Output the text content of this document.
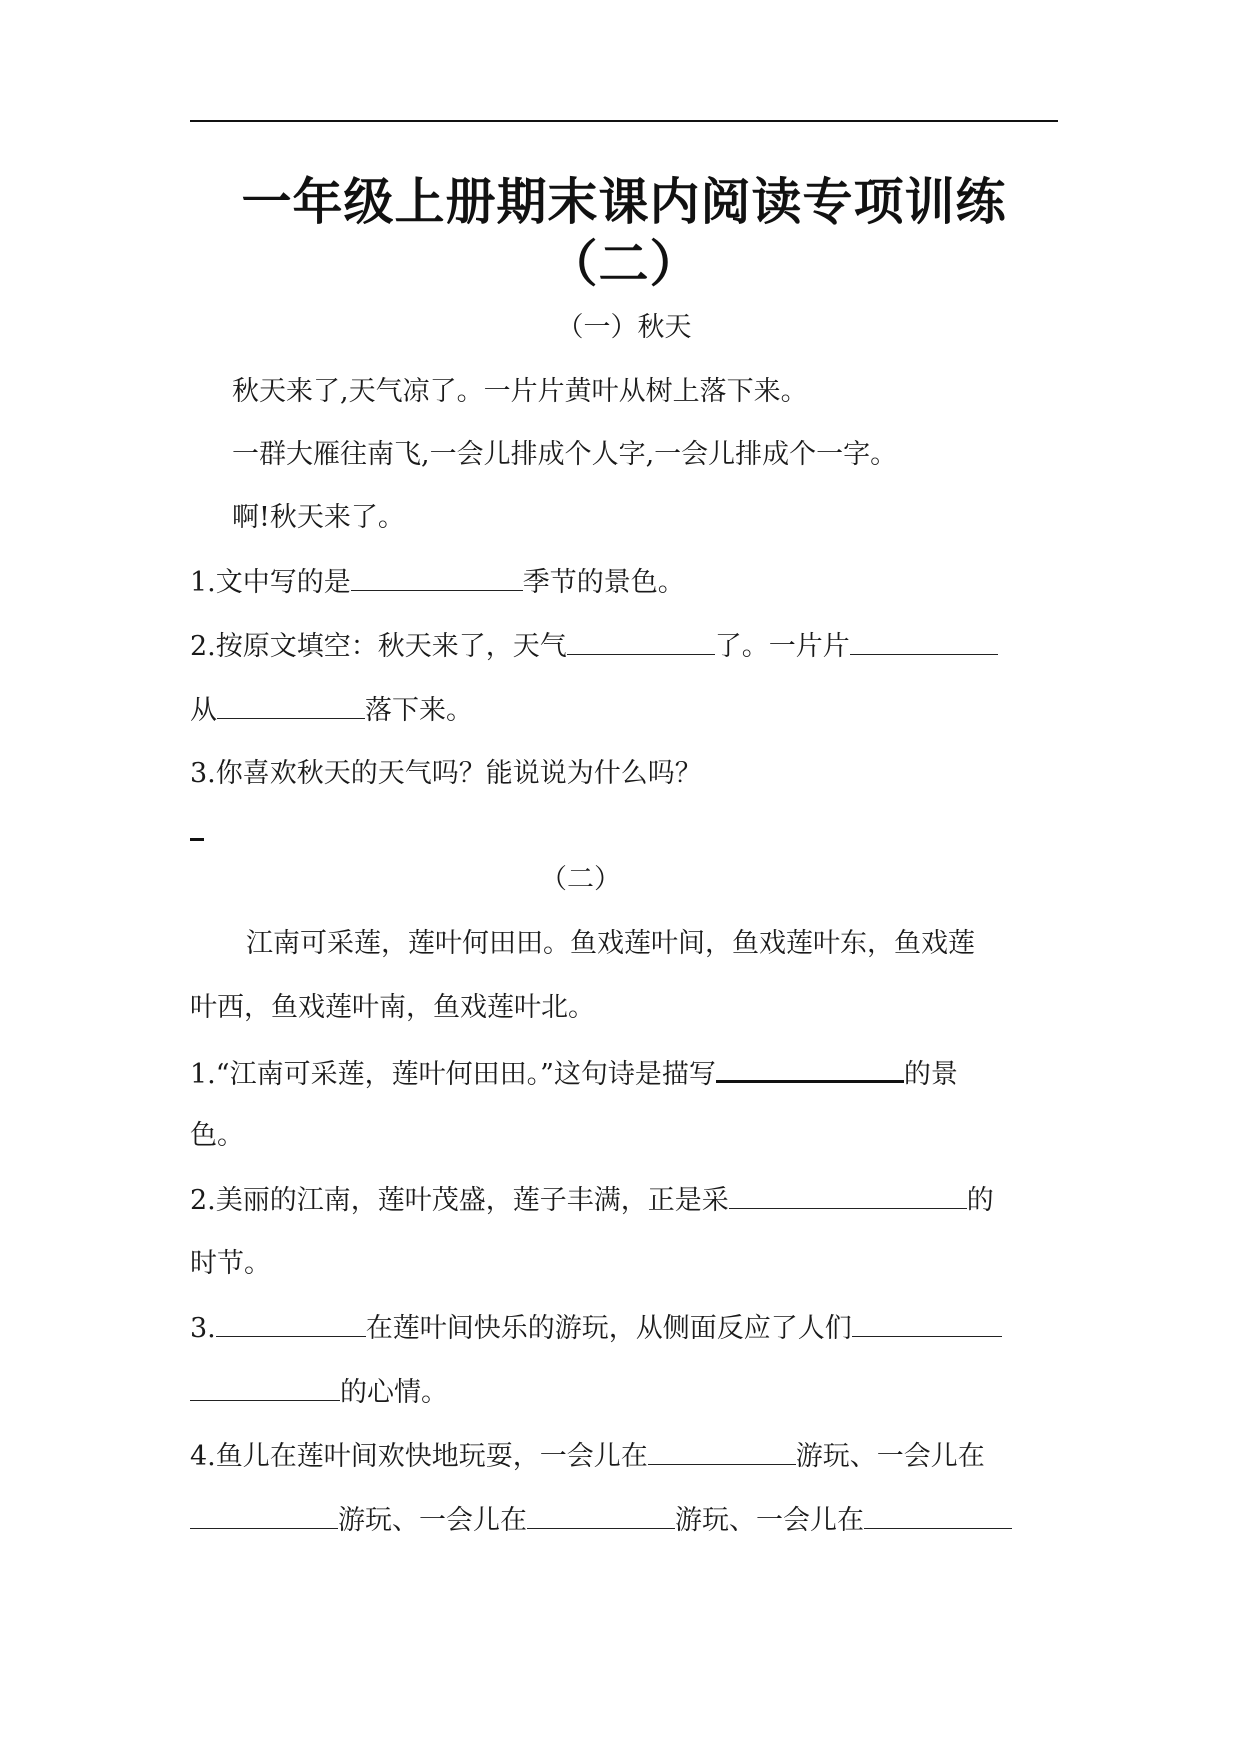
一年级上册期末课内阅读专项训练
（二）
（一）秋天
秋天来了,天气凉了。一片片黄叶从树上落下来。
一群大雁往南飞,一会儿排成个人字,一会儿排成个一字。
啊!秋天来了。
1.文中写的是	季节的景色。
2.按原文填空：秋天来了，天气	了。一片片
从	落下来。
3.你喜欢秋天的天气吗？能说说为什么吗？
（二）
江南可采莲，莲叶何田田。鱼戏莲叶间，鱼戏莲叶东，鱼戏莲
叶西，鱼戏莲叶南，鱼戏莲叶北。
1.“江南可采莲，莲叶何田田。”这句诗是描写	的景
色。
2.美丽的江南，莲叶茂盛，莲子丰满，正是采	的
时节。
3.	在莲叶间快乐的游玩，从侧面反应了人们
的心情。
4.鱼儿在莲叶间欢快地玩耍，一会儿在	游玩、一会儿在
游玩、一会儿在	游玩、一会儿在
